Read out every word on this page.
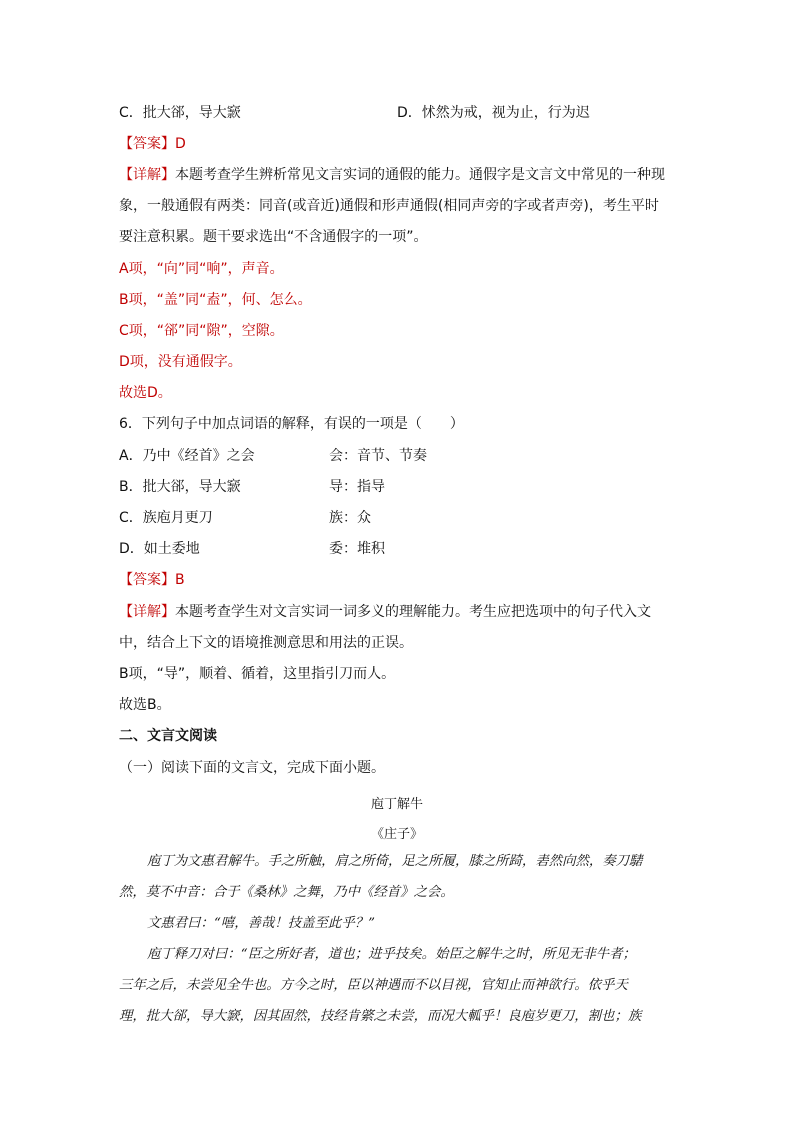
C．批大郤，导大窾	D．怵然为戒，视为止，行为迟
【答案】D
【详解】本题考查学生辨析常见文言实词的通假的能力。通假字是文言文中常见的一种现
象，一般通假有两类：同音(或音近)通假和形声通假(相同声旁的字或者声旁)，考生平时
要注意积累。题干要求选出“不含通假字的一项”。
A项，“向”同“响”，声音。
B项，“盖”同“盍”，何、怎么。
C项，“郤”同“隙”，空隙。
D项，没有通假字。
故选D。
6．下列句子中加点词语的解释，有误的一项是（　　）
A．乃中《经首》之会	会：音节、节奏
B．批大郤，导大窾	导：指导
C．族庖月更刀	族：众
D．如土委地	委：堆积
【答案】B
【详解】本题考查学生对文言实词一词多义的理解能力。考生应把选项中的句子代入文
中，结合上下文的语境推测意思和用法的正误。
B项，“导”，顺着、循着，这里指引刀而人。
故选B。
二、文言文阅读
（一）阅读下面的文言文，完成下面小题。
庖丁解牛
《庄子》
庖丁为文惠君解牛。手之所触，肩之所倚，足之所履，膝之所踦，砉然向然，奏刀騞
然，莫不中音：合于《桑林》之舞，乃中《经首》之会。
文惠君曰：“嘻，善哉！技盖至此乎？”
庖丁释刀对曰：“臣之所好者，道也；进乎技矣。始臣之解牛之时，所见无非牛者；
三年之后，未尝见全牛也。方今之时，臣以神遇而不以目视，官知止而神欲行。依乎天
理，批大郤，导大窾，因其固然，技经肯綮之未尝，而况大軱乎！良庖岁更刀，割也；族
